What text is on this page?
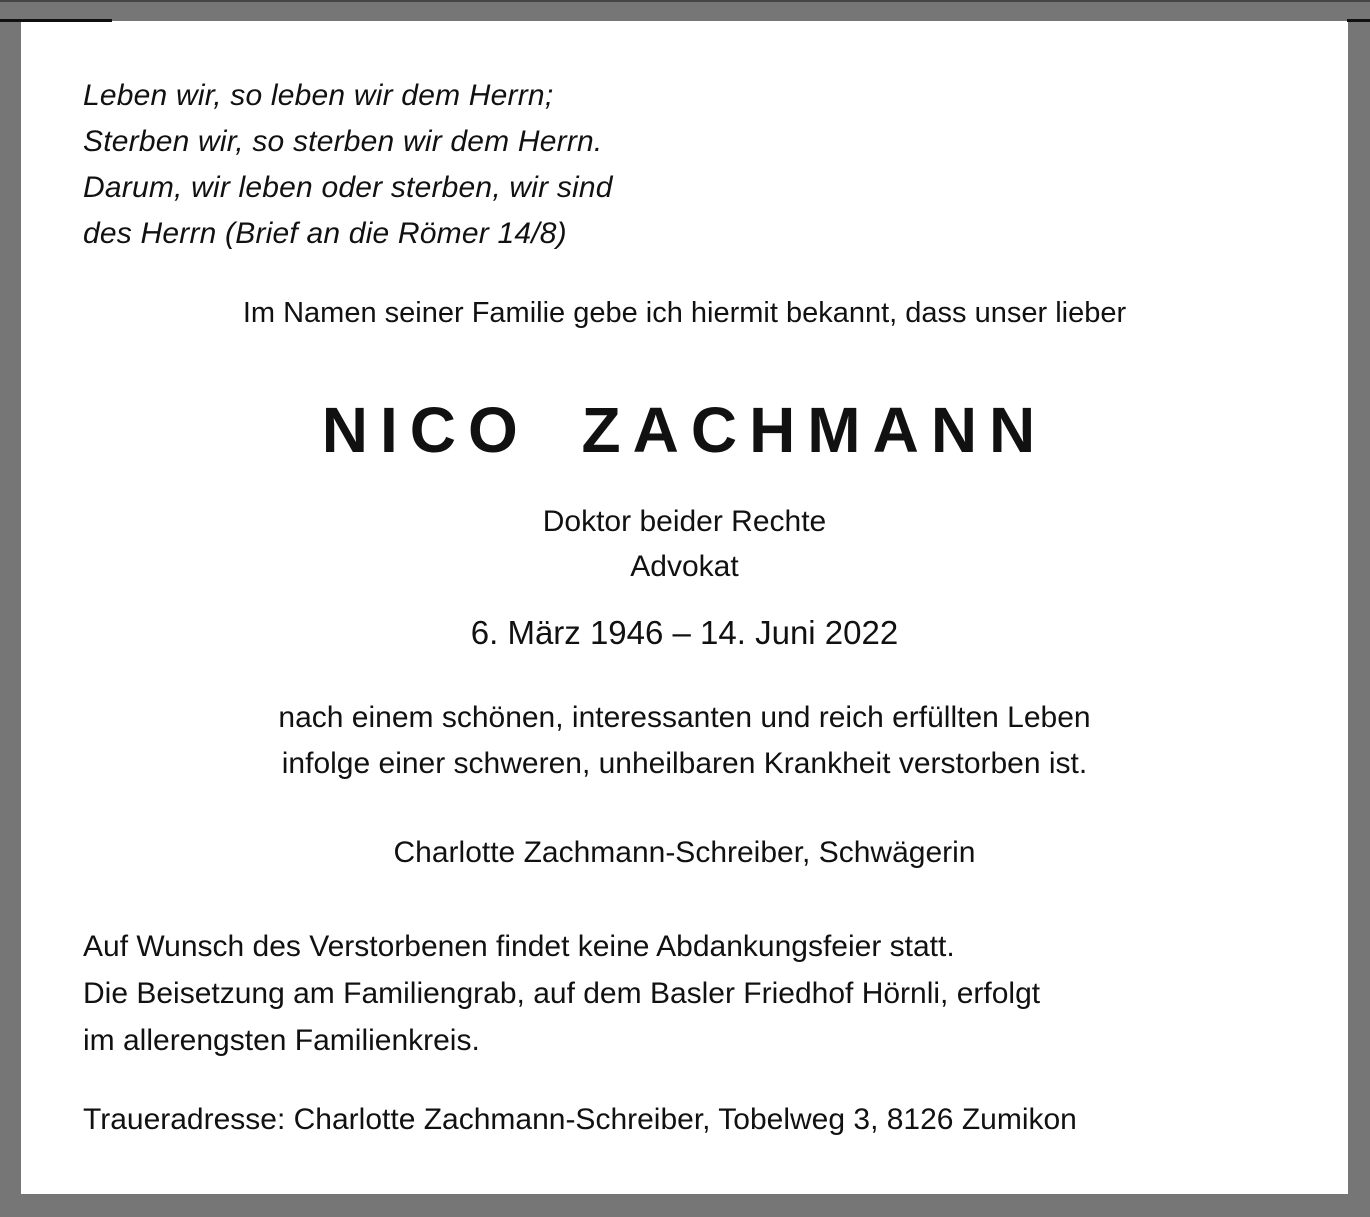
Leben wir, so leben wir dem Herrn;
Sterben wir, so sterben wir dem Herrn.
Darum, wir leben oder sterben, wir sind
des Herrn (Brief an die Römer 14/8)
Im Namen seiner Familie gebe ich hiermit bekannt, dass unser lieber
NICO ZACHMANN
Doktor beider Rechte
Advokat
6. März 1946 – 14. Juni 2022
nach einem schönen, interessanten und reich erfüllten Leben
infolge einer schweren, unheilbaren Krankheit verstorben ist.
Charlotte Zachmann-Schreiber, Schwägerin
Auf Wunsch des Verstorbenen findet keine Abdankungsfeier statt.
Die Beisetzung am Familiengrab, auf dem Basler Friedhof Hörnli, erfolgt
im allerengsten Familienkreis.
Traueradresse: Charlotte Zachmann-Schreiber, Tobelweg 3, 8126 Zumikon
